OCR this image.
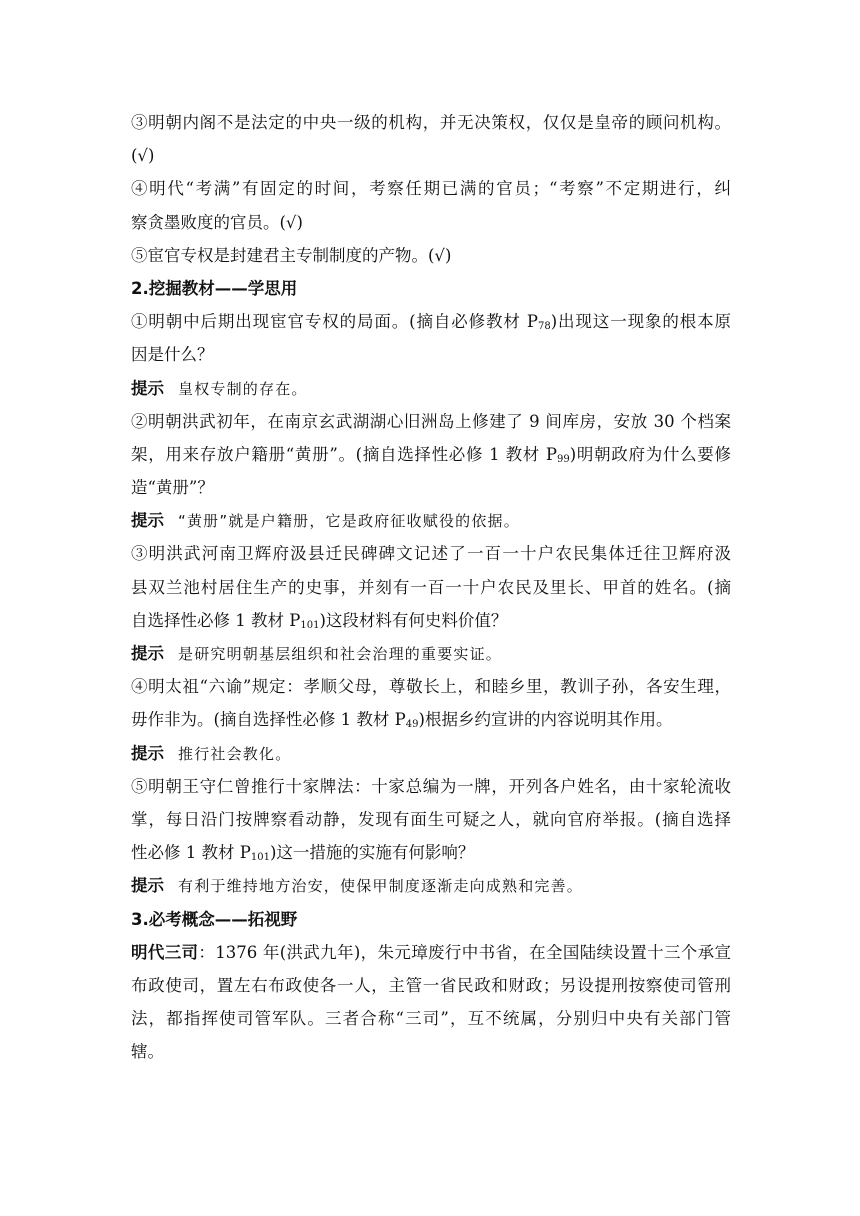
③明朝内阁不是法定的中央一级的机构，并无决策权，仅仅是皇帝的顾问机构。
(√)
④明代“考满”有固定的时间，考察任期已满的官员；“考察”不定期进行，纠
察贪墨败度的官员。(√)
⑤宦官专权是封建君主专制制度的产物。(√)
2.挖掘教材——学思用
①明朝中后期出现宦官专权的局面。(摘自必修教材 $P_{78}$)出现这一现象的根本原
因是什么？
提示 皇权专制的存在。
②明朝洪武初年，在南京玄武湖湖心旧洲岛上修建了 9 间库房，安放 30 个档案
架，用来存放户籍册“黄册”。(摘自选择性必修 1 教材 $P_{99}$)明朝政府为什么要修
造“黄册”？
提示 “黄册”就是户籍册，它是政府征收赋役的依据。
③明洪武河南卫辉府汲县迁民碑碑文记述了一百一十户农民集体迁往卫辉府汲
县双兰池村居住生产的史事，并刻有一百一十户农民及里长、甲首的姓名。(摘
自选择性必修 1 教材 $P_{101}$)这段材料有何史料价值？
提示 是研究明朝基层组织和社会治理的重要实证。
④明太祖“六谕”规定：孝顺父母，尊敬长上，和睦乡里，教训子孙，各安生理，
毋作非为。(摘自选择性必修 1 教材 $P_{49}$)根据乡约宣讲的内容说明其作用。
提示 推行社会教化。
⑤明朝王守仁曾推行十家牌法：十家总编为一牌，开列各户姓名，由十家轮流收
掌，每日沿门按牌察看动静，发现有面生可疑之人，就向官府举报。(摘自选择
性必修 1 教材 $P_{101}$)这一措施的实施有何影响？
提示 有利于维持地方治安，使保甲制度逐渐走向成熟和完善。
3.必考概念——拓视野
明代三司：1376 年(洪武九年)，朱元璋废行中书省，在全国陆续设置十三个承宣
布政使司，置左右布政使各一人，主管一省民政和财政；另设提刑按察使司管刑
法，都指挥使司管军队。三者合称“三司”，互不统属，分别归中央有关部门管
辖。
